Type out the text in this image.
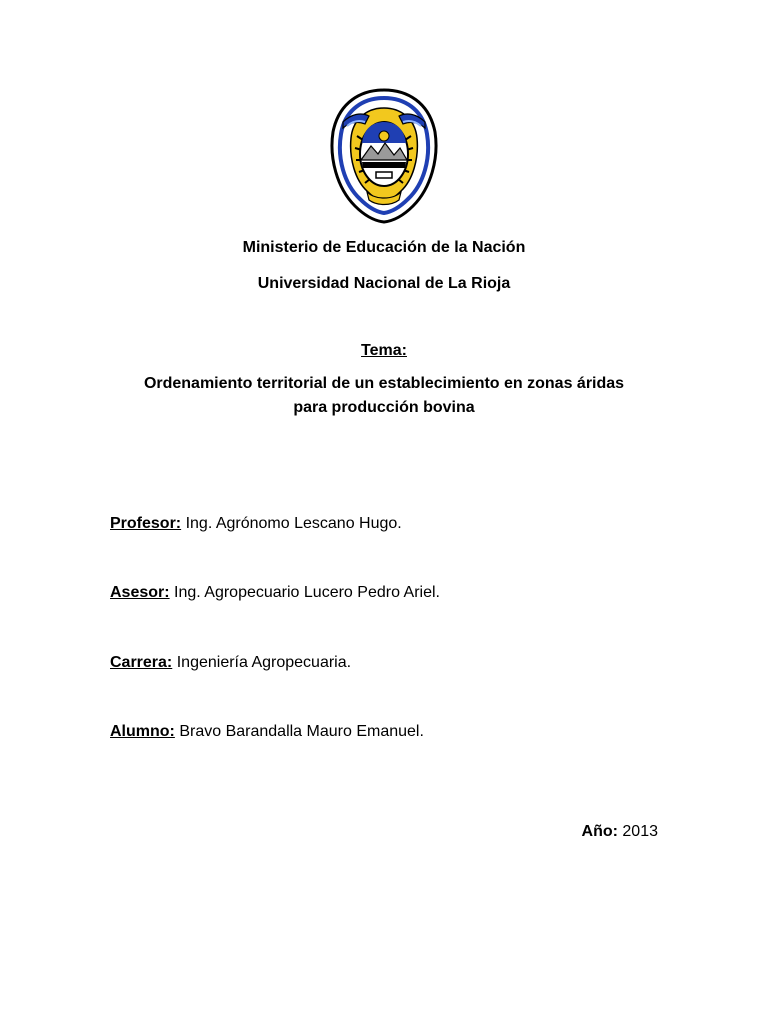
Ministerio de Educación de la Nación
Universidad Nacional de La Rioja
Tema:
Ordenamiento territorial de un establecimiento en zonas áridas
para producción bovina
Profesor: Ing. Agrónomo Lescano Hugo.
Asesor: Ing. Agropecuario Lucero Pedro Ariel.
Carrera: Ingeniería Agropecuaria.
Alumno: Bravo Barandalla Mauro Emanuel.
Año: 2013
